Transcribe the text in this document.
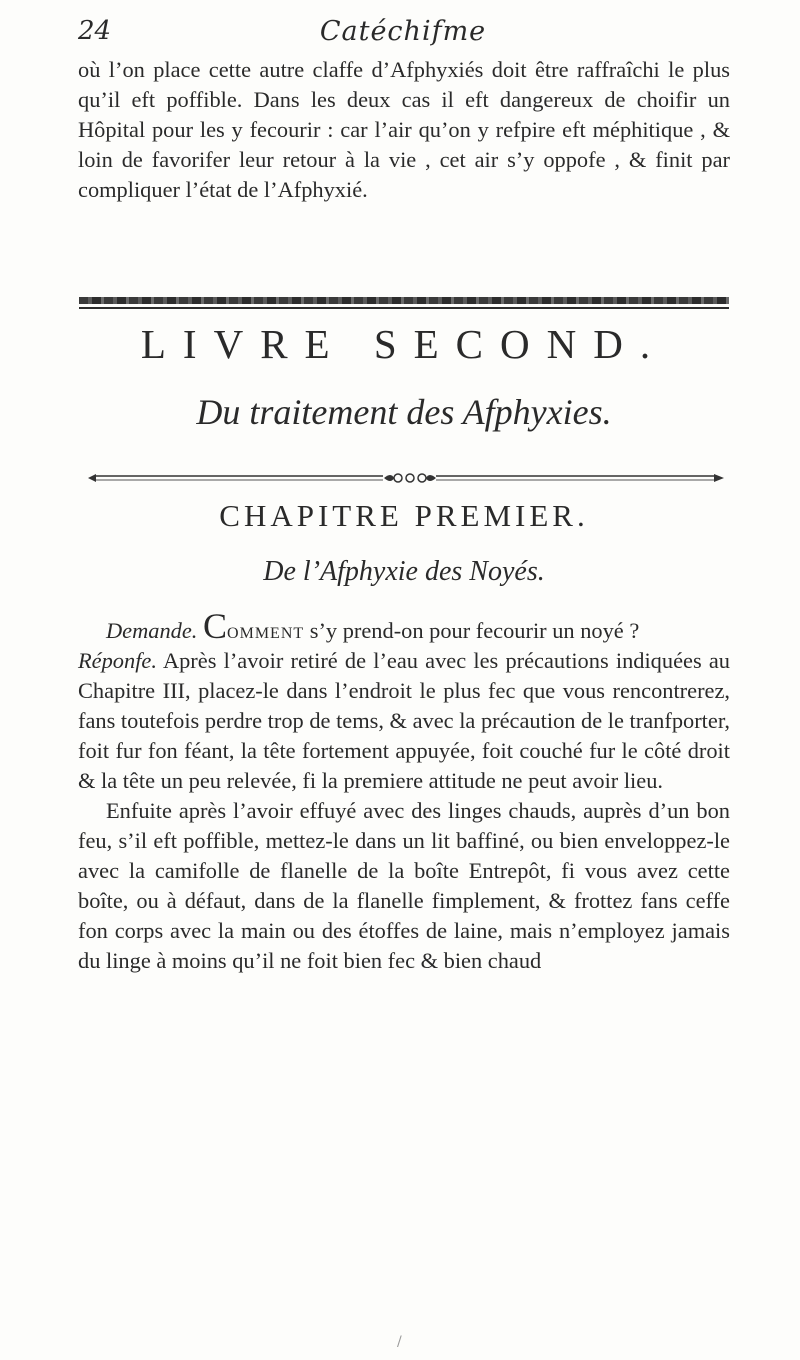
24	Catéchifme

où l’on place cette autre claffe d’Afphyxiés doit être raffraîchi le plus qu’il eft poffible. Dans les deux cas il eft dangereux de choifir un Hôpital pour les y fecourir : car l’air qu’on y refpire eft méphitique , & loin de favorifer leur retour à la vie , cet air s’y oppofe , & finit par compliquer l’état de l’Afphyxié.

LIVRE SECOND.
Du traitement des Afphyxies.
CHAPITRE PREMIER.
De l’Afphyxie des Noyés.

Demande. Comment s’y prend-on pour fecourir un noyé ?

Réponfe. Après l’avoir retiré de l’eau avec les précautions indiquées au Chapitre III, placez-le dans l’endroit le plus fec que vous rencontrerez, fans toutefois perdre trop de tems, & avec la précaution de le tranfporter, foit fur fon féant, la tête fortement appuyée, foit couché fur le côté droit & la tête un peu relevée, fi la premiere attitude ne peut avoir lieu.

Enfuite après l’avoir effuyé avec des linges chauds, auprès d’un bon feu, s’il eft poffible, mettez-le dans un lit baffiné, ou bien enveloppez-le avec la camifolle de flanelle de la boîte Entrepôt, fi vous avez cette boîte, ou à défaut, dans de la flanelle fimplement, & frottez fans ceffe fon corps avec la main ou des étoffes de laine, mais n’employez jamais du linge à moins qu’il ne foit bien fec & bien chaud

/
